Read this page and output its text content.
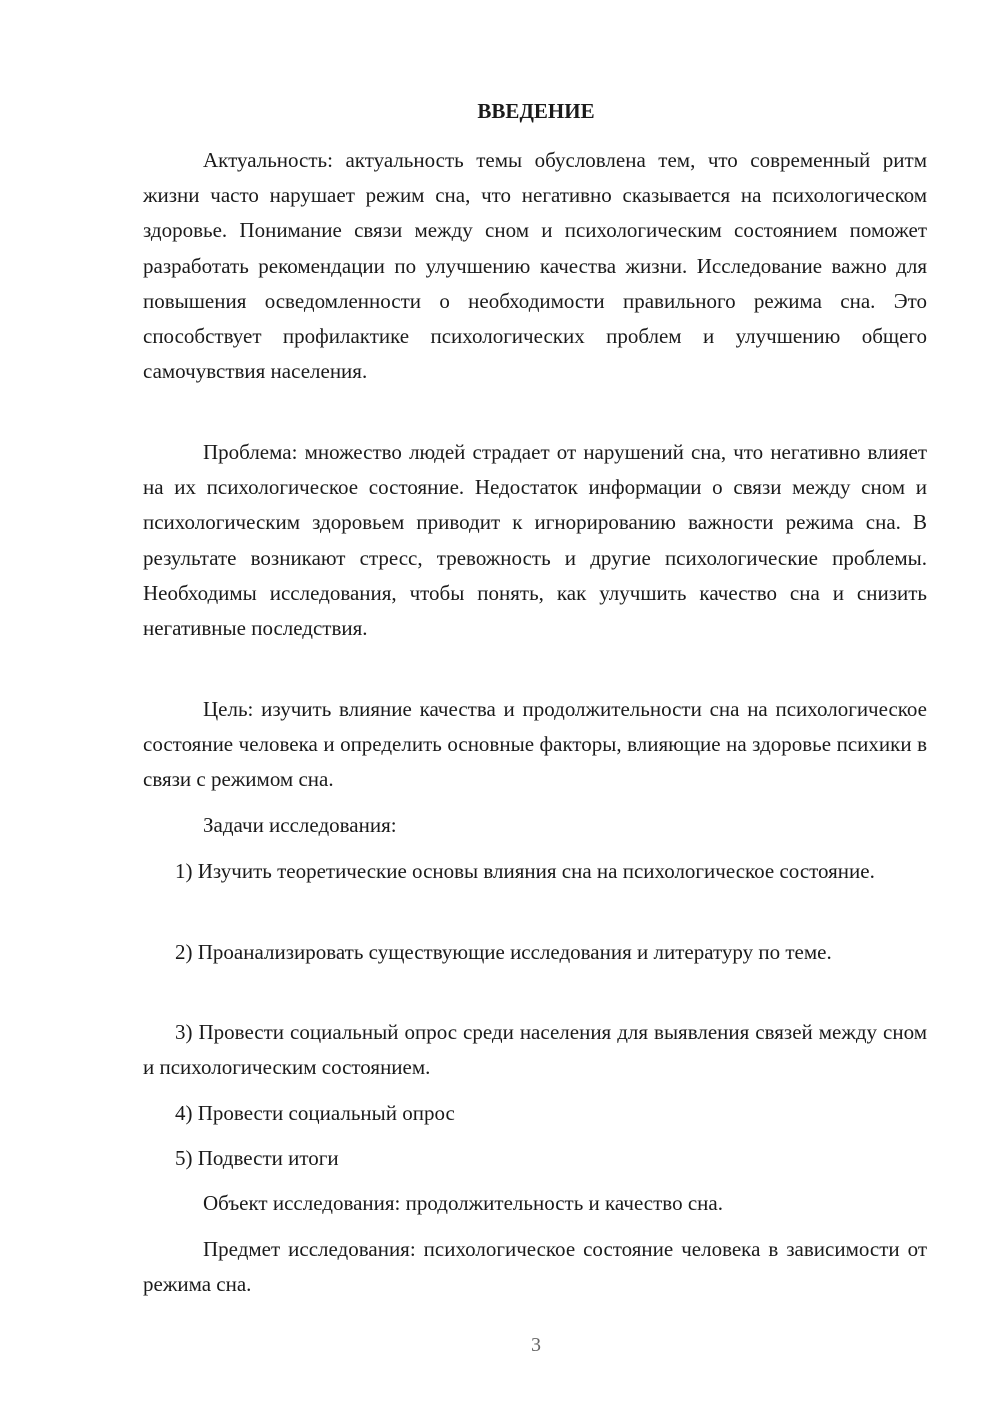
ВВЕДЕНИЕ

Актуальность: актуальность темы обусловлена тем, что современный ритм жизни часто нарушает режим сна, что негативно сказывается на психологическом здоровье. Понимание связи между сном и психологическим состоянием поможет разработать рекомендации по улучшению качества жизни. Исследование важно для повышения осведомленности о необходимости правильного режима сна. Это способствует профилактике психологических проблем и улучшению общего самочувствия населения.

Проблема: множество людей страдает от нарушений сна, что негативно влияет на их психологическое состояние. Недостаток информации о связи между сном и психологическим здоровьем приводит к игнорированию важности режима сна. В результате возникают стресс, тревожность и другие психологические проблемы. Необходимы исследования, чтобы понять, как улучшить качество сна и снизить негативные последствия.

Цель: изучить влияние качества и продолжительности сна на психологическое состояние человека и определить основные факторы, влияющие на здоровье психики в связи с режимом сна.

Задачи исследования:

1) Изучить теоретические основы влияния сна на психологическое состояние.

2) Проанализировать существующие исследования и литературу по теме.

3) Провести социальный опрос среди населения для выявления связей между сном и психологическим состоянием.

4) Провести социальный опрос

5) Подвести итоги

Объект исследования: продолжительность и качество сна.

Предмет исследования: психологическое состояние человека в зависимости от режима сна.

3
